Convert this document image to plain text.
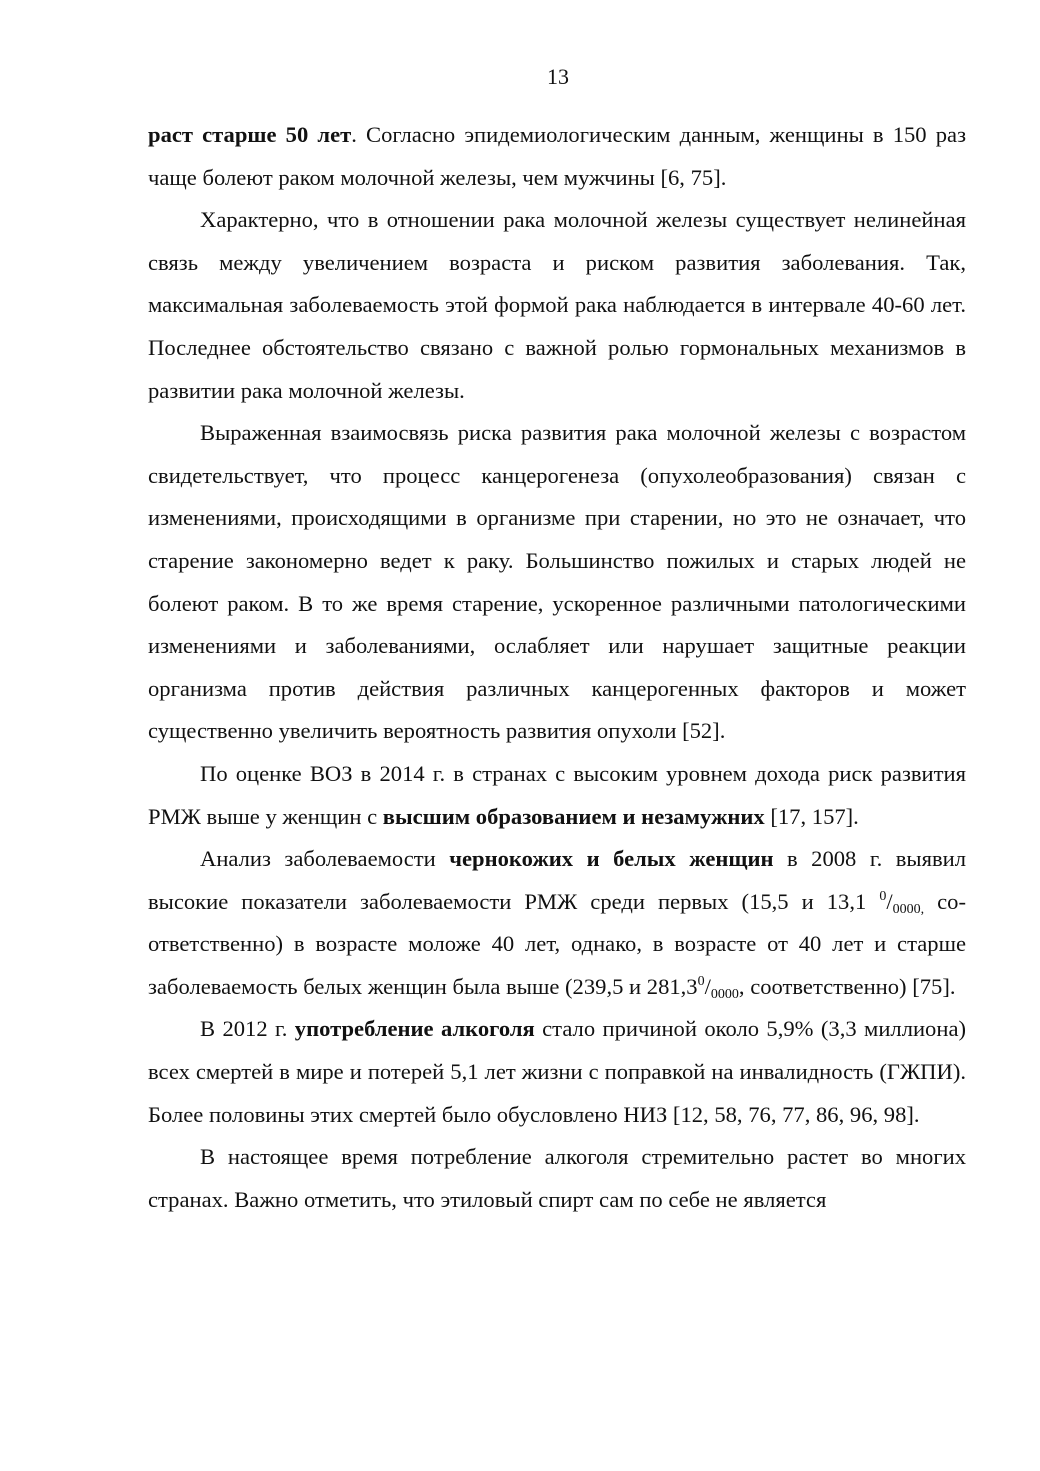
13

раст старше 50 лет. Согласно эпидемиологическим данным, женщины в 150 раз чаще болеют раком молочной железы, чем мужчины [6, 75].

Характерно, что в отношении рака молочной железы существует нелинейная связь между увеличением возраста и риском развития заболевания. Так, максимальная заболеваемость этой формой рака наблюдается в интервале 40-60 лет. Последнее обстоятельство связано с важной ролью гормональных механизмов в развитии рака молочной железы.

Выраженная взаимосвязь риска развития рака молочной железы с возрастом свидетельствует, что процесс канцерогенеза (опухолеобразования) связан с изменениями, происходящими в организме при старении, но это не означает, что старение закономерно ведет к раку. Большинство пожилых и старых людей не болеют раком. В то же время старение, ускоренное различными патологическими изменениями и заболеваниями, ослабляет или нарушает защитные реакции организма против действия различных канцерогенных факторов и может существенно увеличить вероятность развития опухоли [52].

По оценке ВОЗ в 2014 г. в странах с высоким уровнем дохода риск развития РМЖ выше у женщин с высшим образованием и незамужних [17, 157].

Анализ заболеваемости чернокожих и белых женщин в 2008 г. выявил высокие показатели заболеваемости РМЖ среди первых (15,5 и 13,1 $^0/_{0000,}$ соответственно) в возрасте моложе 40 лет, однако, в возрасте от 40 лет и старше заболеваемость белых женщин была выше (239,5 и $281,3^0/_{0000}$, соответственно) [75].

В 2012 г. употребление алкоголя стало причиной около 5,9% (3,3 миллиона) всех смертей в мире и потерей 5,1 лет жизни с поправкой на инвалидность (ГЖПИ). Более половины этих смертей было обусловлено НИЗ [12, 58, 76, 77, 86, 96, 98].

В настоящее время потребление алкоголя стремительно растет во многих странах. Важно отметить, что этиловый спирт сам по себе не является
